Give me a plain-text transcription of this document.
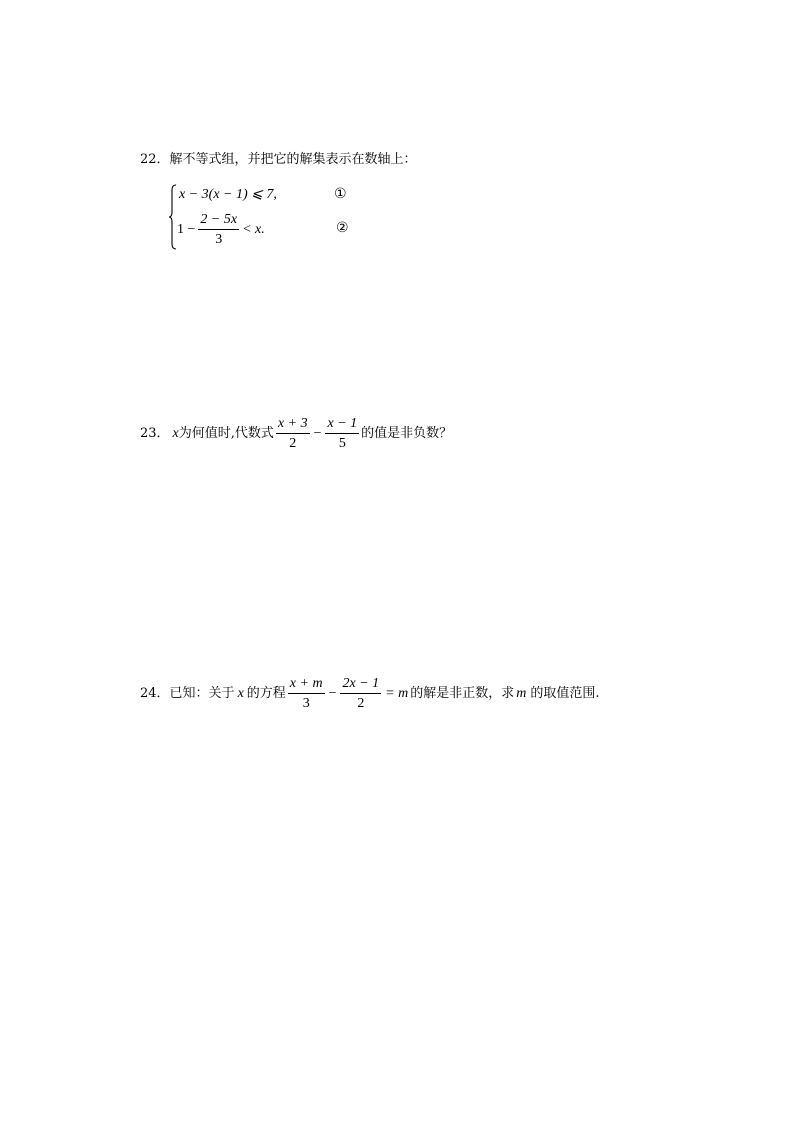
22．解不等式组，并把它的解集表示在数轴上：
x − 3(x − 1) ⩽ 7,	①
$1 - \frac{2 - 5x}{3} < x$.	②
23． x 为何值时,代数式 $\frac{x + 3}{2} - \frac{x - 1}{5}$ 的值是非负数？
24． 已知：关于 x 的方程 $\frac{x + m}{3} - \frac{2x - 1}{2} = m$ 的解是非正数，求 m 的取值范围.
